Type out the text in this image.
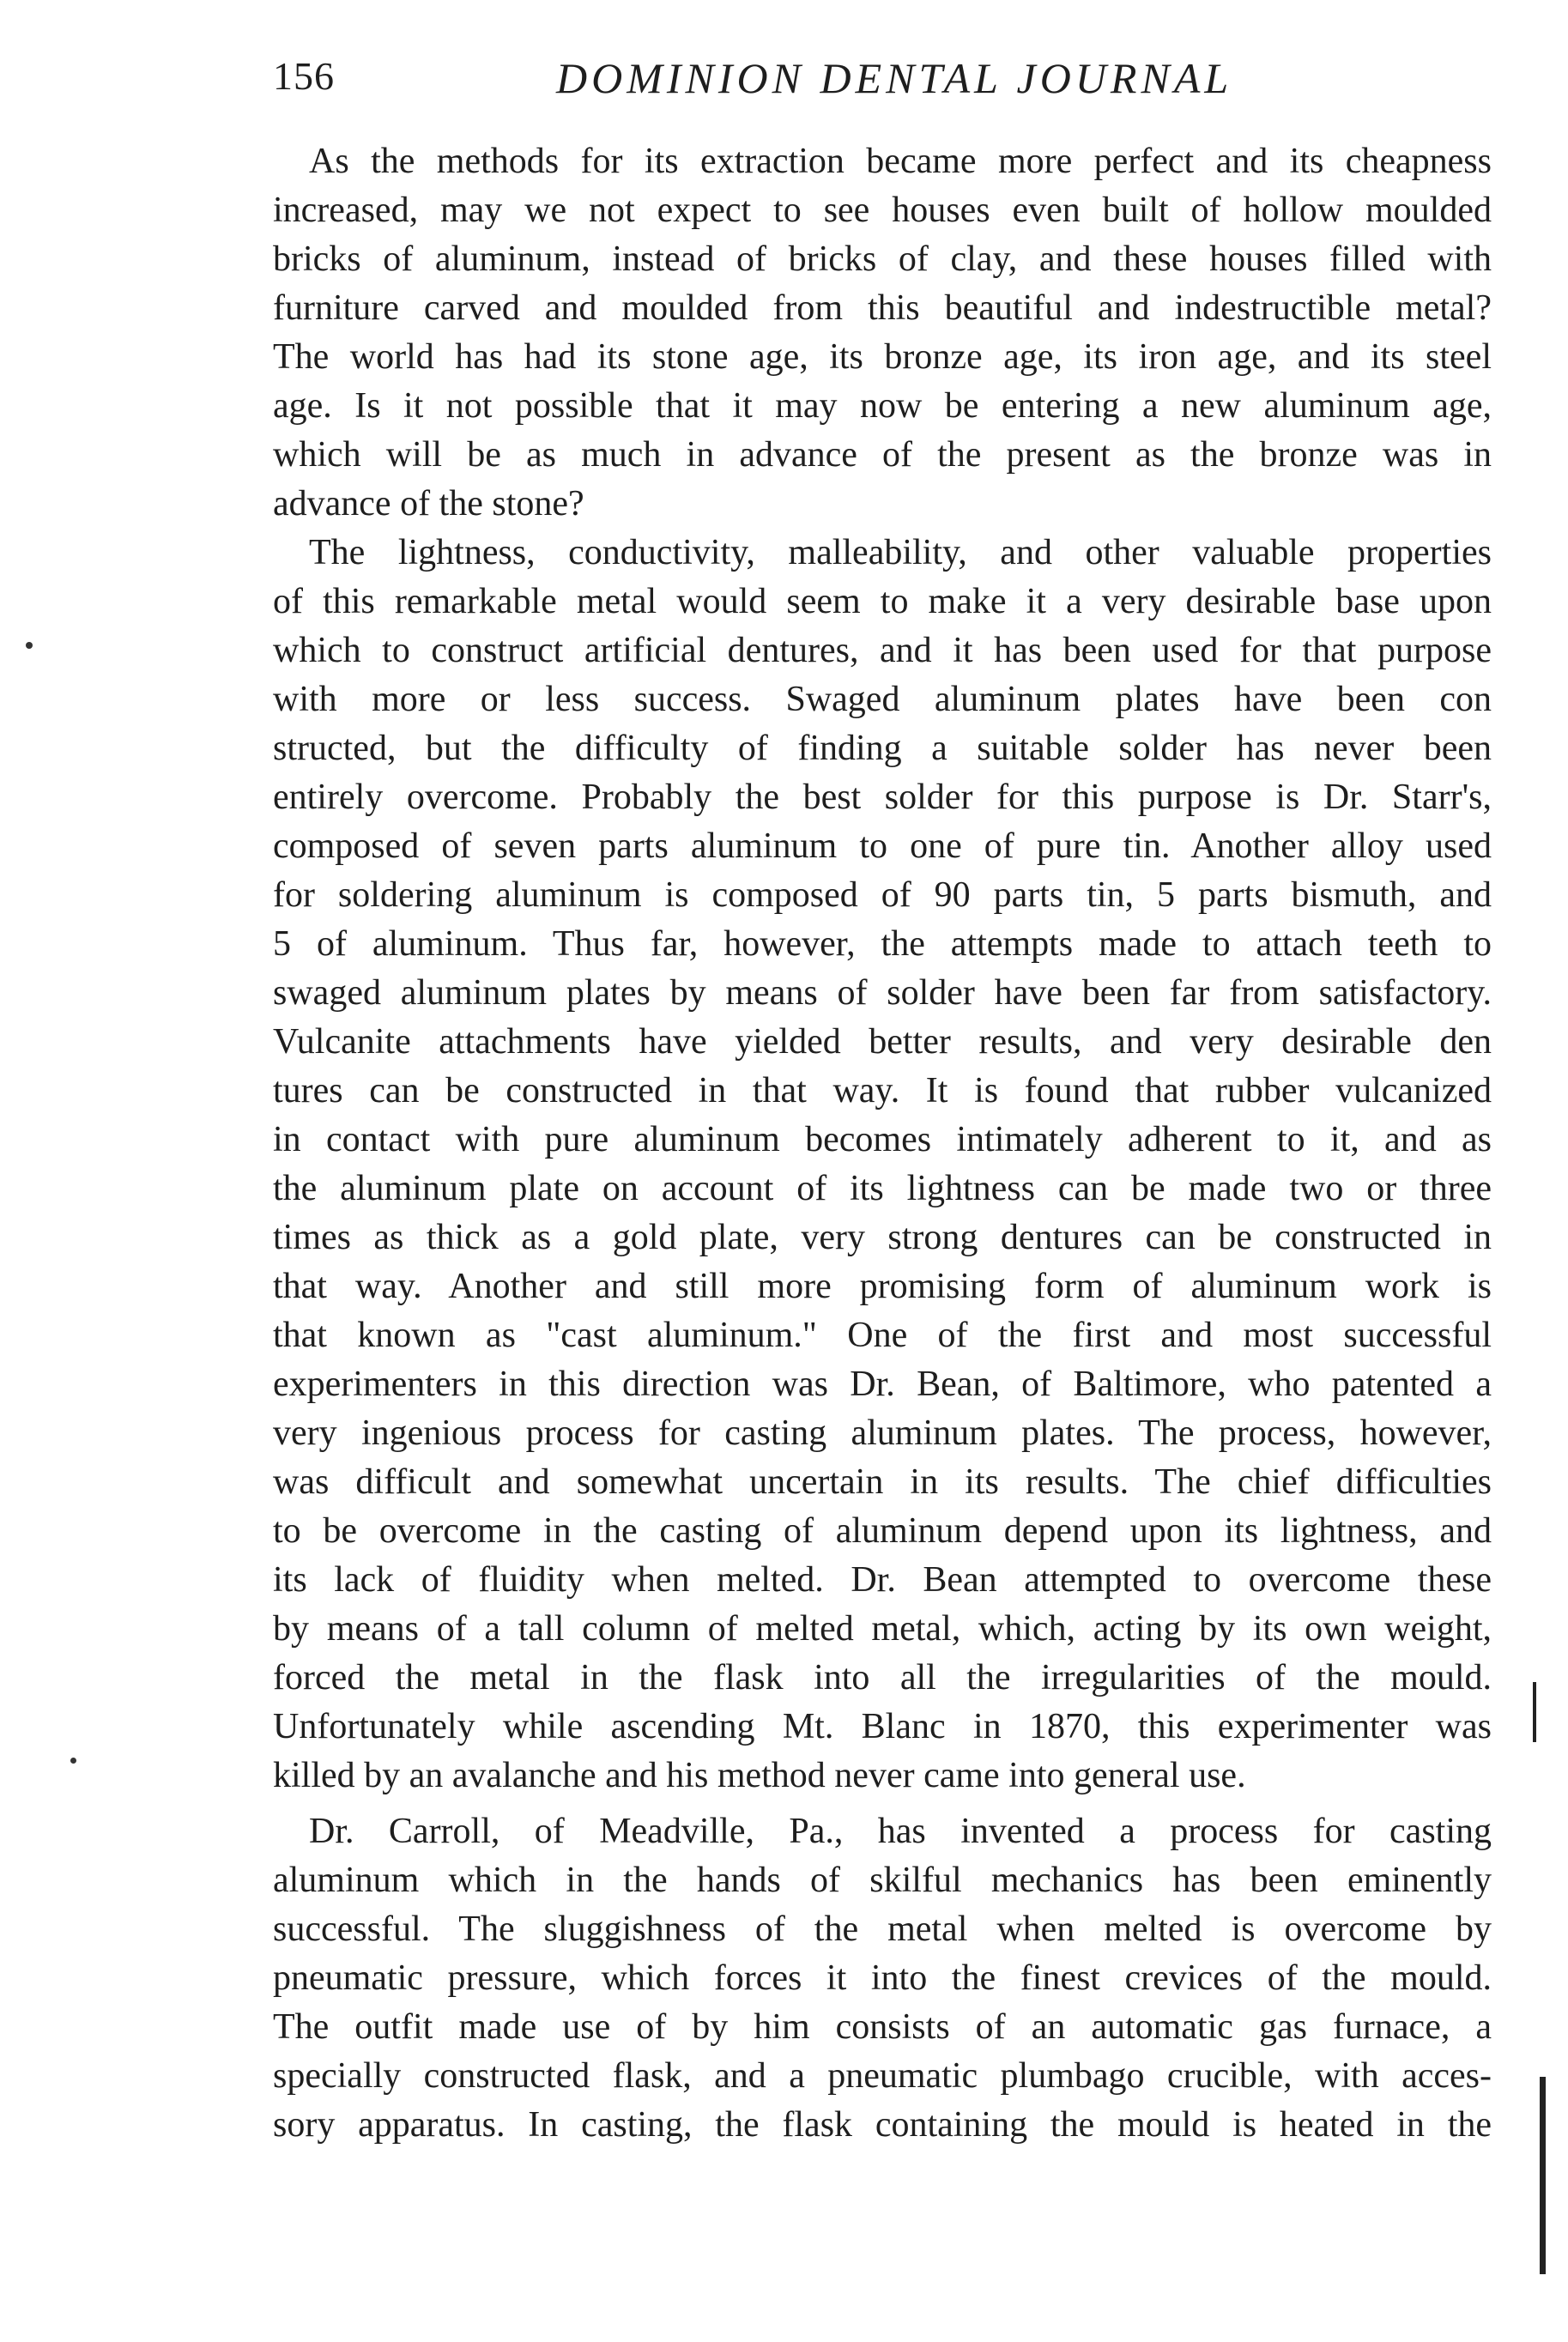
156	DOMINION DENTAL JOURNAL
As the methods for its extraction became more perfect and its cheapness
increased, may we not expect to see houses even built of hollow moulded
bricks of aluminum, instead of bricks of clay, and these houses filled with
furniture carved and moulded from this beautiful and indestructible metal?
The world has had its stone age, its bronze age, its iron age, and its steel
age. Is it not possible that it may now be entering a new aluminum age,
which will be as much in advance of the present as the bronze was in
advance of the stone?
The lightness, conductivity, malleability, and other valuable properties
of this remarkable metal would seem to make it a very desirable base upon
which to construct artificial dentures, and it has been used for that purpose
with more or less success. Swaged aluminum plates have been con
structed, but the difficulty of finding a suitable solder has never been
entirely overcome. Probably the best solder for this purpose is Dr. Starr's,
composed of seven parts aluminum to one of pure tin. Another alloy used
for soldering aluminum is composed of 90 parts tin, 5 parts bismuth, and
5 of aluminum. Thus far, however, the attempts made to attach teeth to
swaged aluminum plates by means of solder have been far from satisfactory.
Vulcanite attachments have yielded better results, and very desirable den
tures can be constructed in that way. It is found that rubber vulcanized
in contact with pure aluminum becomes intimately adherent to it, and as
the aluminum plate on account of its lightness can be made two or three
times as thick as a gold plate, very strong dentures can be constructed in
that way. Another and still more promising form of aluminum work is
that known as "cast aluminum." One of the first and most successful
experimenters in this direction was Dr. Bean, of Baltimore, who patented a
very ingenious process for casting aluminum plates. The process, however,
was difficult and somewhat uncertain in its results. The chief difficulties
to be overcome in the casting of aluminum depend upon its lightness, and
its lack of fluidity when melted. Dr. Bean attempted to overcome these
by means of a tall column of melted metal, which, acting by its own weight,
forced the metal in the flask into all the irregularities of the mould.
Unfortunately while ascending Mt. Blanc in 1870, this experimenter was
killed by an avalanche and his method never came into general use.
Dr. Carroll, of Meadville, Pa., has invented a process for casting
aluminum which in the hands of skilful mechanics has been eminently
successful. The sluggishness of the metal when melted is overcome by
pneumatic pressure, which forces it into the finest crevices of the mould.
The outfit made use of by him consists of an automatic gas furnace, a
specially constructed flask, and a pneumatic plumbago crucible, with acces-
sory apparatus. In casting, the flask containing the mould is heated in the
